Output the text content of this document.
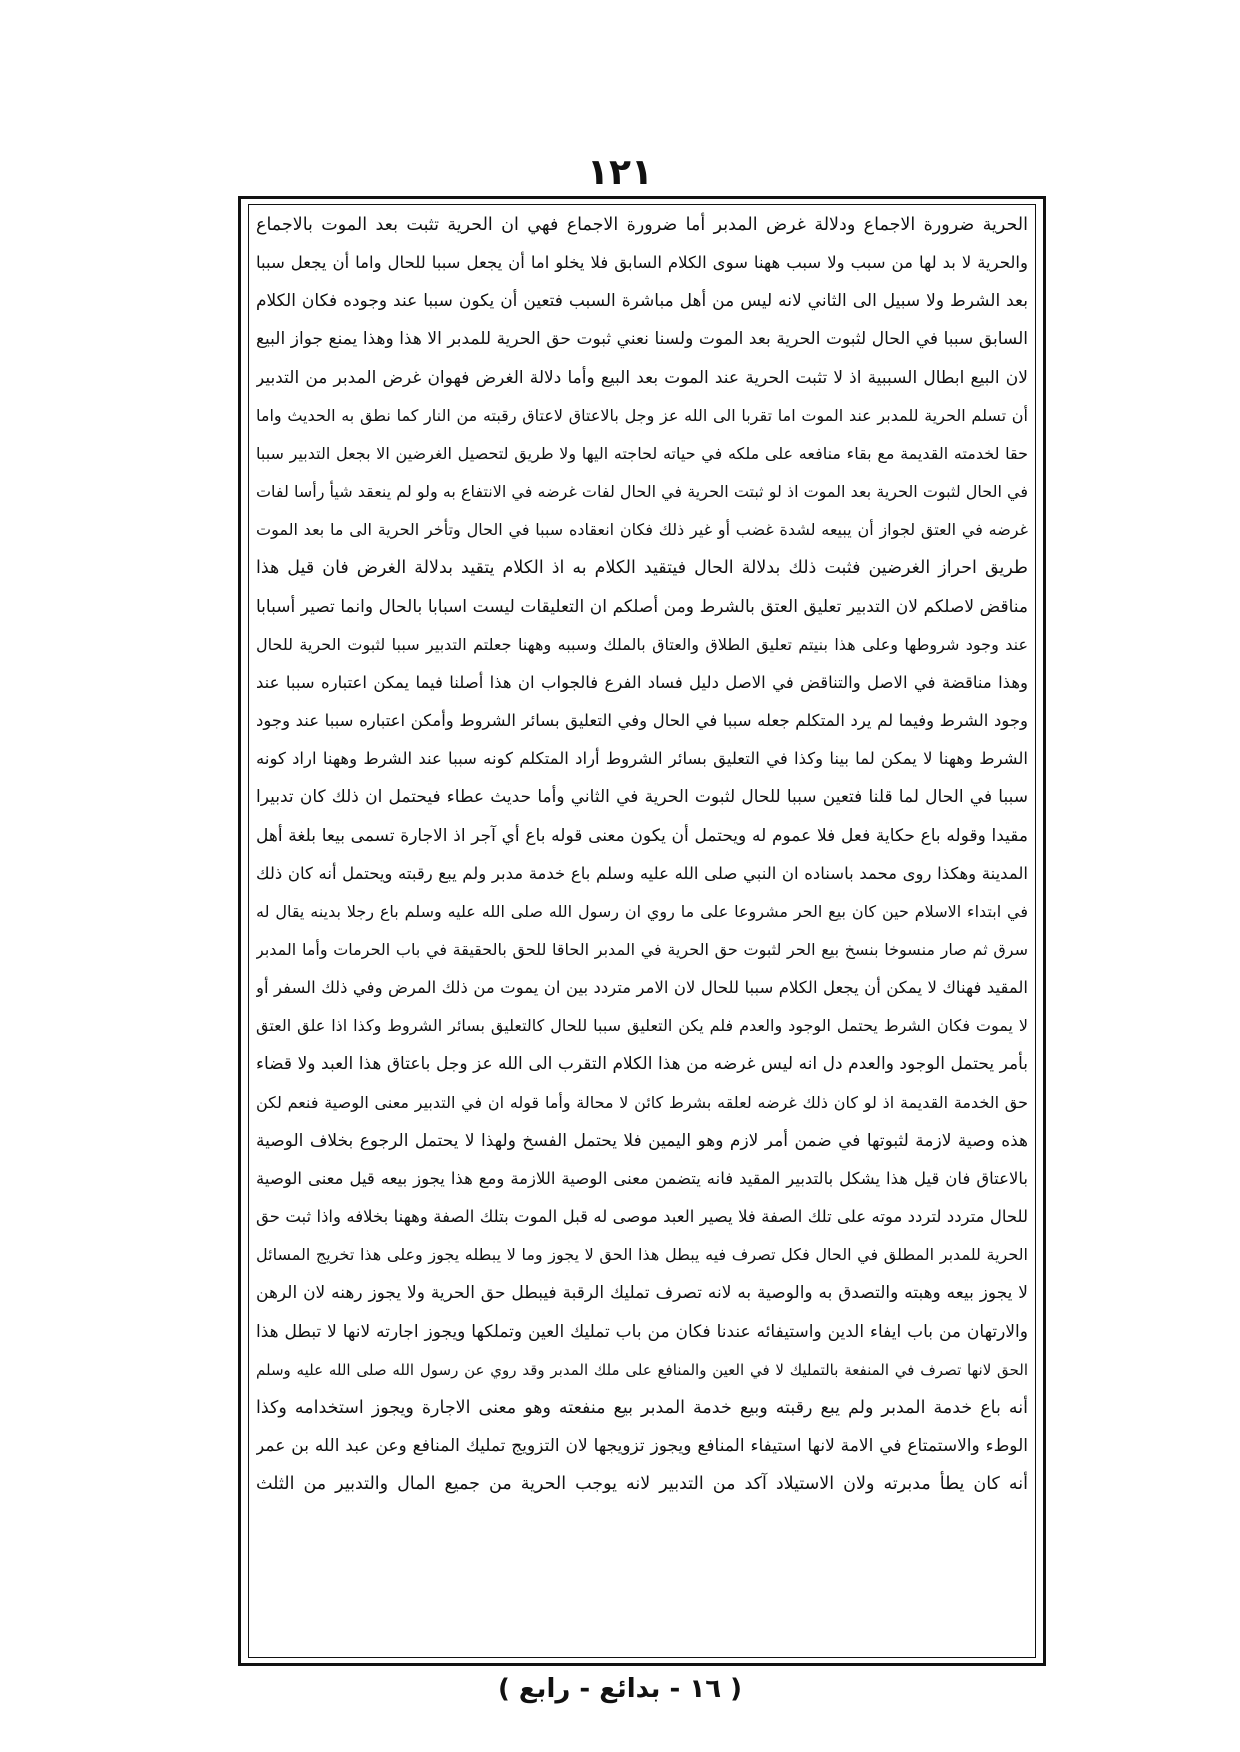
١٢١
الحرية ضرورة الاجماع ودلالة غرض المدبر أما ضرورة الاجماع فهي ان الحرية تثبت بعد الموت بالاجماع
والحرية لا بد لها من سبب ولا سبب ههنا سوى الكلام السابق فلا يخلو اما أن يجعل سببا للحال واما أن يجعل سببا
بعد الشرط ولا سبيل الى الثاني لانه ليس من أهل مباشرة السبب فتعين أن يكون سببا عند وجوده فكان الكلام
السابق سببا في الحال لثبوت الحرية بعد الموت ولسنا نعني ثبوت حق الحرية للمدبر الا هذا وهذا يمنع جواز البيع
لان البيع ابطال السببية اذ لا تثبت الحرية عند الموت بعد البيع وأما دلالة الغرض فهوان غرض المدبر من التدبير
أن تسلم الحرية للمدبر عند الموت اما تقربا الى الله عز وجل بالاعتاق لاعتاق رقبته من النار كما نطق به الحديث واما
حقا لخدمته القديمة مع بقاء منافعه على ملكه في حياته لحاجته اليها ولا طريق لتحصيل الغرضين الا بجعل التدبير سببا
في الحال لثبوت الحرية بعد الموت اذ لو ثبتت الحرية في الحال لفات غرضه في الانتفاع به ولو لم ينعقد شيأ رأسا لفات
غرضه في العتق لجواز أن يبيعه لشدة غضب أو غير ذلك فكان انعقاده سببا في الحال وتأخر الحرية الى ما بعد الموت
طريق احراز الغرضين فثبت ذلك بدلالة الحال فيتقيد الكلام به اذ الكلام يتقيد بدلالة الغرض فان قيل هذا
مناقض لاصلكم لان التدبير تعليق العتق بالشرط ومن أصلكم ان التعليقات ليست اسبابا بالحال وانما تصير أسبابا
عند وجود شروطها وعلى هذا بنيتم تعليق الطلاق والعتاق بالملك وسببه وههنا جعلتم التدبير سببا لثبوت الحرية للحال
وهذا مناقضة في الاصل والتناقض في الاصل دليل فساد الفرع فالجواب ان هذا أصلنا فيما يمكن اعتباره سببا عند
وجود الشرط وفيما لم يرد المتكلم جعله سببا في الحال وفي التعليق بسائر الشروط وأمكن اعتباره سببا عند وجود
الشرط وههنا لا يمكن لما بينا وكذا في التعليق بسائر الشروط أراد المتكلم كونه سببا عند الشرط وههنا اراد كونه
سببا في الحال لما قلنا فتعين سببا للحال لثبوت الحرية في الثاني وأما حديث عطاء فيحتمل ان ذلك كان تدبيرا
مقيدا وقوله باع حكاية فعل فلا عموم له ويحتمل أن يكون معنى قوله باع أي آجر اذ الاجارة تسمى بيعا بلغة أهل
المدينة وهكذا روى محمد باسناده ان النبي صلى الله عليه وسلم باع خدمة مدبر ولم يبع رقبته ويحتمل أنه كان ذلك
في ابتداء الاسلام حين كان بيع الحر مشروعا على ما روي ان رسول الله صلى الله عليه وسلم باع رجلا بدينه يقال له
سرق ثم صار منسوخا بنسخ بيع الحر لثبوت حق الحرية في المدبر الحاقا للحق بالحقيقة في باب الحرمات وأما المدبر
المقيد فهناك لا يمكن أن يجعل الكلام سببا للحال لان الامر متردد بين ان يموت من ذلك المرض وفي ذلك السفر أو
لا يموت فكان الشرط يحتمل الوجود والعدم فلم يكن التعليق سببا للحال كالتعليق بسائر الشروط وكذا اذا علق العتق
بأمر يحتمل الوجود والعدم دل انه ليس غرضه من هذا الكلام التقرب الى الله عز وجل باعتاق هذا العبد ولا قضاء
حق الخدمة القديمة اذ لو كان ذلك غرضه لعلقه بشرط كائن لا محالة وأما قوله ان في التدبير معنى الوصية فنعم لكن
هذه وصية لازمة لثبوتها في ضمن أمر لازم وهو اليمين فلا يحتمل الفسخ ولهذا لا يحتمل الرجوع بخلاف الوصية
بالاعتاق فان قيل هذا يشكل بالتدبير المقيد فانه يتضمن معنى الوصية اللازمة ومع هذا يجوز بيعه قيل معنى الوصية
للحال متردد لتردد موته على تلك الصفة فلا يصير العبد موصى له قبل الموت بتلك الصفة وههنا بخلافه واذا ثبت حق
الحرية للمدبر المطلق في الحال فكل تصرف فيه يبطل هذا الحق لا يجوز وما لا يبطله يجوز وعلى هذا تخريج المسائل
لا يجوز بيعه وهبته والتصدق به والوصية به لانه تصرف تمليك الرقبة فيبطل حق الحرية ولا يجوز رهنه لان الرهن
والارتهان من باب ايفاء الدين واستيفائه عندنا فكان من باب تمليك العين وتملكها ويجوز اجارته لانها لا تبطل هذا
الحق لانها تصرف في المنفعة بالتمليك لا في العين والمنافع على ملك المدبر وقد روي عن رسول الله صلى الله عليه وسلم
أنه باع خدمة المدبر ولم يبع رقبته وبيع خدمة المدبر بيع منفعته وهو معنى الاجارة ويجوز استخدامه وكذا
الوطء والاستمتاع في الامة لانها استيفاء المنافع ويجوز تزويجها لان التزويج تمليك المنافع وعن عبد الله بن عمر
أنه كان يطأ مدبرته ولان الاستيلاد آكد من التدبير لانه يوجب الحرية من جميع المال والتدبير من الثلث
( ١٦ - بدائع - رابع )
